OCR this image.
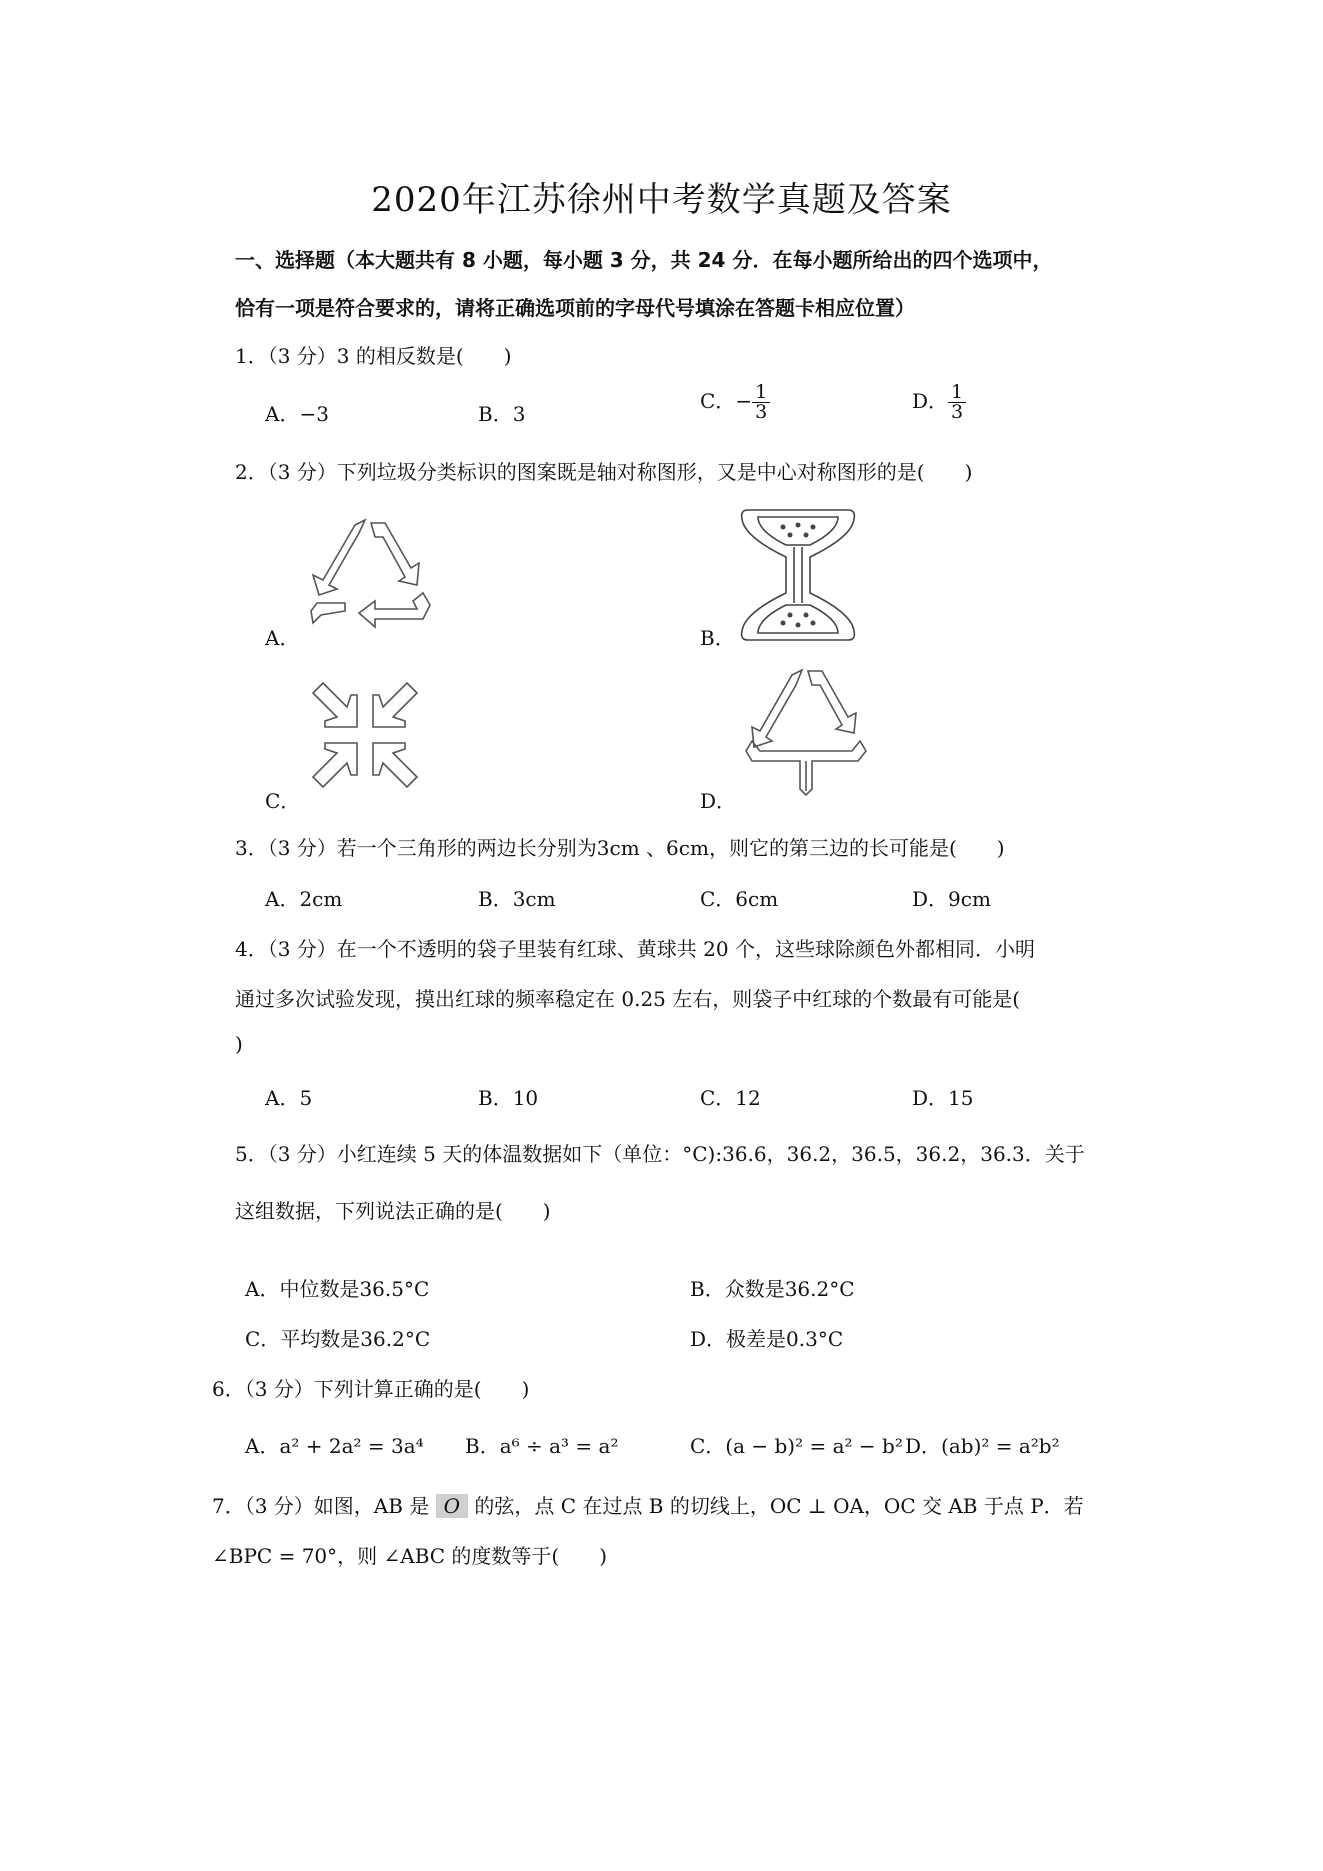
2020年江苏徐州中考数学真题及答案
一、选择题（本大题共有 8 小题，每小题 3 分，共 24 分．在每小题所给出的四个选项中，
恰有一项是符合要求的，请将正确选项前的字母代号填涂在答题卡相应位置）
1．（3 分）3 的相反数是(　　)
A．−3	B．3
C．− $\frac{1}{3}$	D． $\frac{1}{3}$
2．（3 分）下列垃圾分类标识的图案既是轴对称图形，又是中心对称图形的是(　　)
A．	B．
C．	D．
3．（3 分）若一个三角形的两边长分别为3cm 、6cm，则它的第三边的长可能是(　　)
A．2cm	B．3cm	C．6cm	D．9cm
4．（3 分）在一个不透明的袋子里装有红球、黄球共 20 个，这些球除颜色外都相同．小明
通过多次试验发现，摸出红球的频率稳定在 0.25 左右，则袋子中红球的个数最有可能是(
)
A．5	B．10	C．12	D．15
5．（3 分）小红连续 5 天的体温数据如下（单位：°C):36.6，36.2，36.5，36.2，36.3．关于
这组数据，下列说法正确的是(　　)
A．中位数是36.5°C	B．众数是36.2°C
C．平均数是36.2°C	D．极差是0.3°C
6．（3 分）下列计算正确的是(　　)
A．a² + 2a² = 3a⁴ B．a⁶ ÷ a³ = a²	C．(a − b)² = a² − b² D．(ab)² = a²b²
7．（3 分）如图，AB 是 O 的弦，点 C 在过点 B 的切线上，OC ⊥ OA，OC 交 AB 于点 P．若
∠BPC = 70°，则 ∠ABC 的度数等于(　　)
